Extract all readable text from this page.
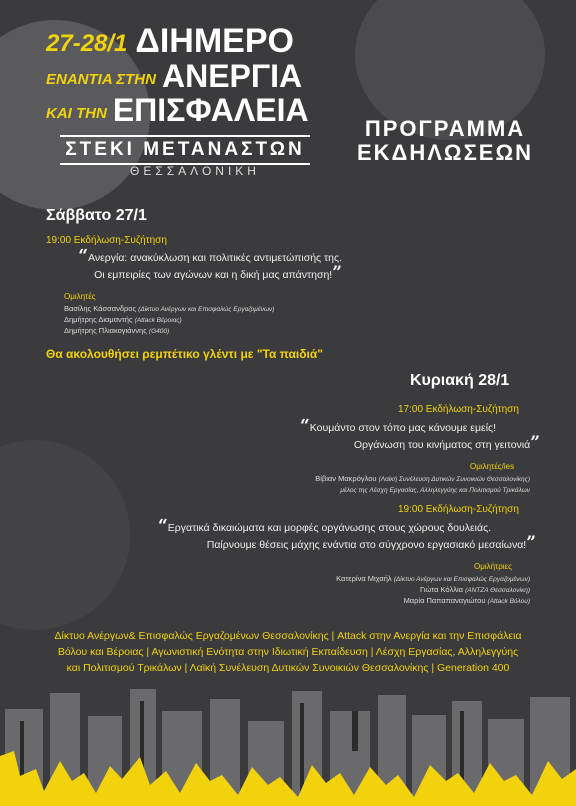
27-28/1 ΔΙΗΜΕΡΟ
ΕΝΑΝΤΙΑ ΣΤΗΝ ΑΝΕΡΓΙΑ
ΚΑΙ ΤΗΝ ΕΠΙΣΦΑΛΕΙΑ
ΣΤΕΚΙ ΜΕΤΑΝΑΣΤΩΝ
ΘΕΣΣΑΛΟΝΙΚΗ
ΠΡΟΓΡΑΜΜΑ
ΕΚΔΗΛΩΣΕΩΝ
Σάββατο 27/1
19:00 Εκδήλωση-Συζήτηση
“Ανεργία: ανακύκλωση και πολιτικές αντιμετώπισής της.
Οι εμπειρίες των αγώνων και η δική μας απάντηση!”
Ομιλητές
Βασίλης Κάσσανδρος (Δίκτυο Ανέργων και Επισφαλώς Εργαζομένων)
Δημήτρης Διαμαντής (Attack Βέροιας)
Δημήτρης Πλιακογιάννης (G400)
Θα ακολουθήσει ρεμπέτικο γλέντι με "Τα παιδιά"
Κυριακή 28/1
17:00 Εκδήλωση-Συζήτηση
“Κουμάντο στον τόπο μας κάνουμε εμείς!
Οργάνωση του κινήματος στη γειτονιά”
Ομιλητές/ies
Βίβιαν Μακρόγλου (Λαϊκή Συνέλευση Δυτικών Συνοικιών Θεσσαλονίκης)
μέλος της Λέσχη Εργασίας, Αλληλεγγύης και Πολιτισμού Τρικάλων
19:00 Εκδήλωση-Συζήτηση
“Εργατικά δικαιώματα και μορφές οργάνωσης στους χώρους δουλειάς.
Παίρνουμε θέσεις μάχης ενάντια στο σύγχρονο εργασιακό μεσαίωνα!”
Ομιλήτριες
Κατερίνα Μιχαήλ (Δίκτυο Ανέργων και Επισφαλώς Εργαζομένων)
Γιώτα Κόλλια (ΑΝΤΖΑ Θεσσαλονίκη)
Μαρία Παπαπαναγιώτου (Attack Βόλου)
Δίκτυο Ανέργων& Επισφαλώς Εργαζομένων Θεσσαλονίκης | Attack στην Ανεργία και την Επισφάλεια
Βόλου και Βέροιας | Αγωνιστική Ενότητα στην Ιδιωτική Εκπαίδευση | Λέσχη Εργασίας, Αλληλεγγύης
και Πολιτισμού Τρικάλων | Λαϊκή Συνέλευση Δυτικών Συνοικιών Θεσσαλονίκης | Generation 400
